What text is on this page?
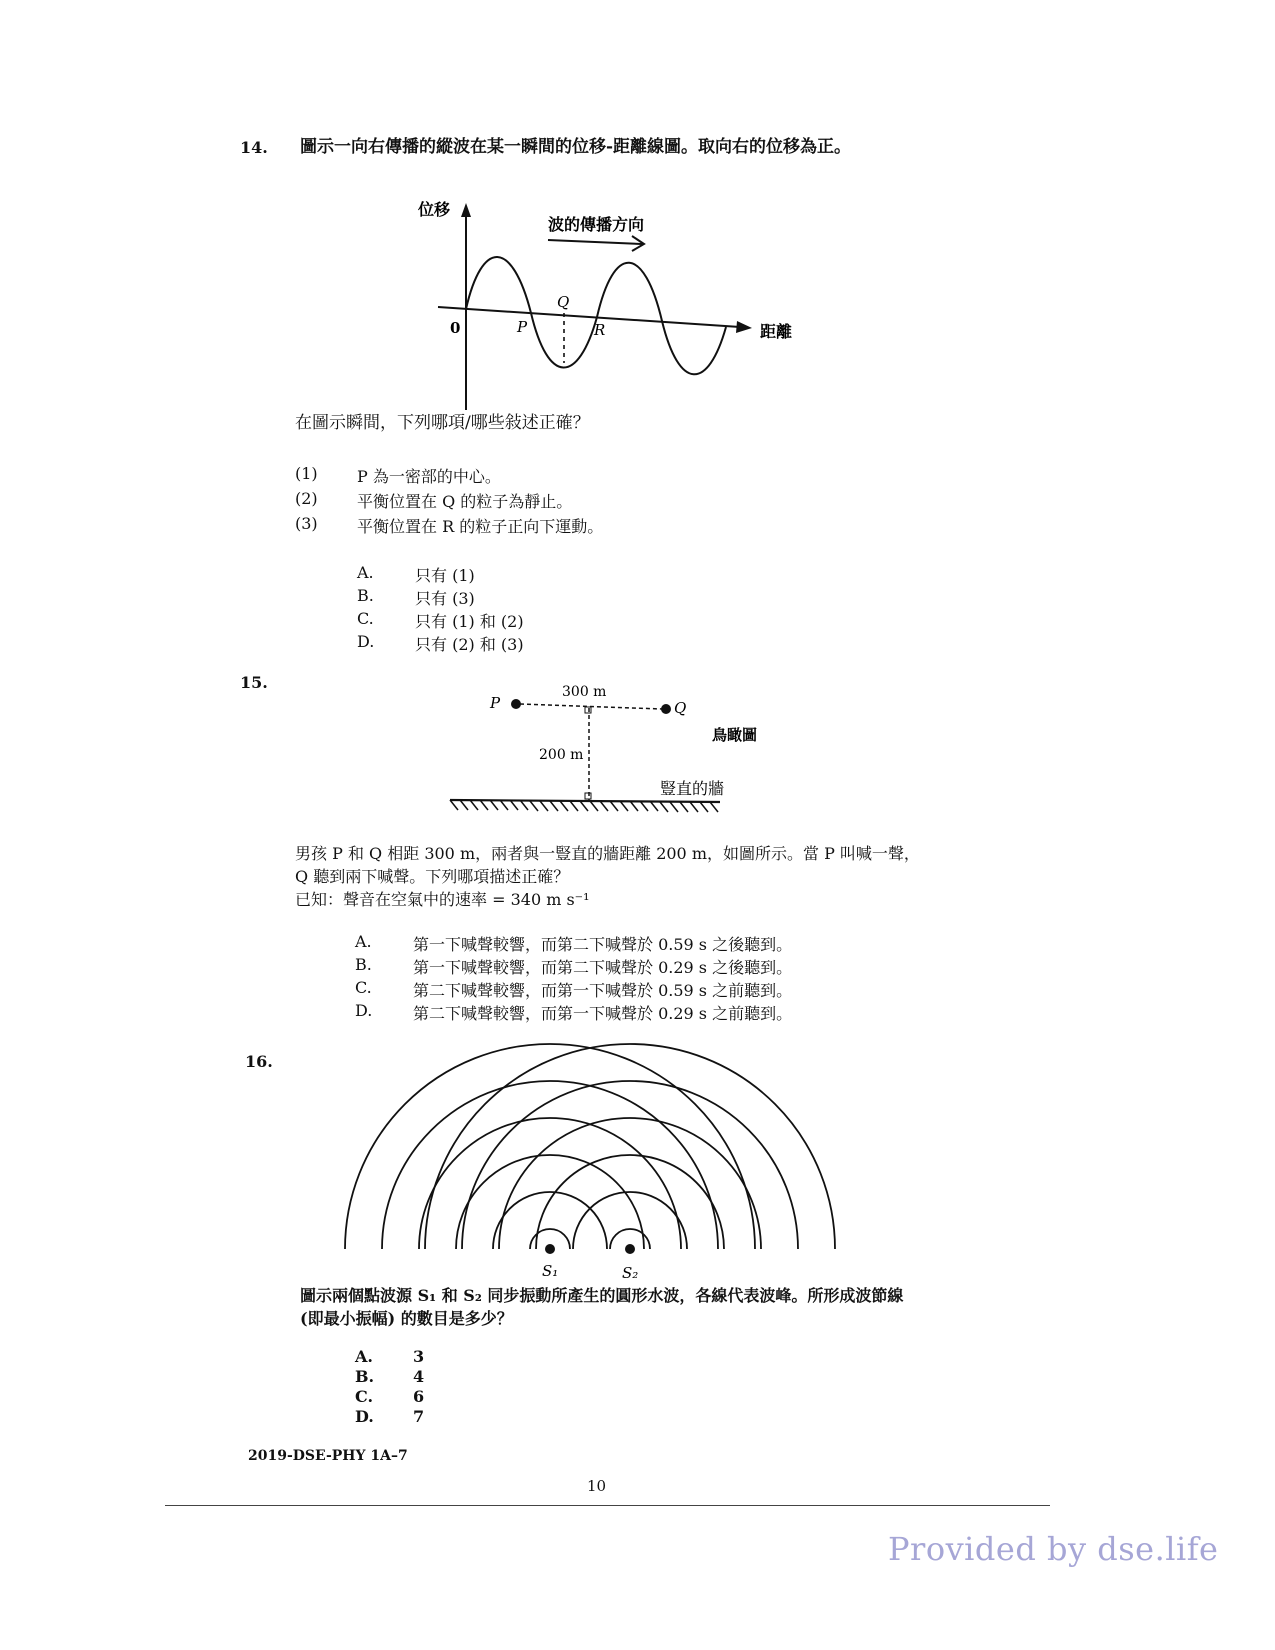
14. 圖示一向右傳播的縱波在某一瞬間的位移-距離線圖。取向右的位移為正。
位移
0
波的傳播方向
P
Q
R	距離
在圖示瞬間，下列哪項/哪些敍述正確？
(1) P 為一密部的中心。
(2) 平衡位置在 Q 的粒子為靜止。
(3) 平衡位置在 R 的粒子正向下運動。
A.	只有 (1)
B.	只有 (3)
C.	只有 (1) 和 (2)
D.	只有 (2) 和 (3)
15.
P	Q
300 m
200 m
鳥瞰圖
豎直的牆
男孩 P 和 Q 相距 300 m，兩者與一豎直的牆距離 200 m，如圖所示。當 P 叫喊一聲，
Q 聽到兩下喊聲。下列哪項描述正確？
已知：聲音在空氣中的速率 = 340 m s⁻¹
A.	第一下喊聲較響，而第二下喊聲於 0.59 s 之後聽到。
B.	第一下喊聲較響，而第二下喊聲於 0.29 s 之後聽到。
C.	第二下喊聲較響，而第一下喊聲於 0.59 s 之前聽到。
D.	第二下喊聲較響，而第一下喊聲於 0.29 s 之前聽到。
16.
S₁	S₂
圖示兩個點波源 S₁ 和 S₂ 同步振動所產生的圓形水波，各線代表波峰。所形成波節線
(即最小振幅) 的數目是多少？
A.	3
B. 4
C. 6
D. 7
2019-DSE-PHY 1A–7
10
Provided by dse.life
